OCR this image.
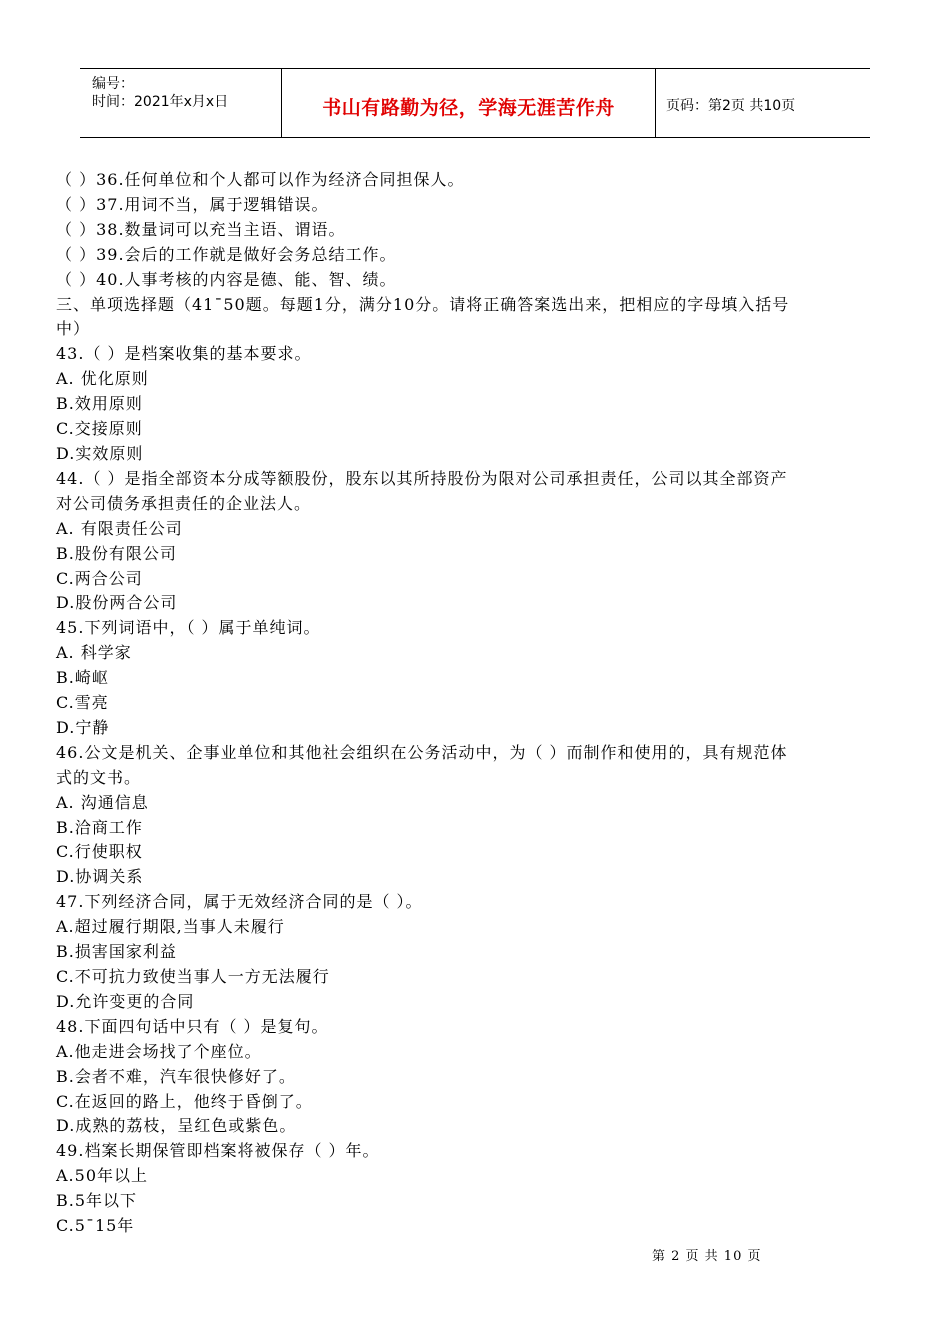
编号：
时间：2021年x月x日	书山有路勤为径，学海无涯苦作舟	页码：第2页 共10页
（ ）36.任何单位和个人都可以作为经济合同担保人。
（ ）37.用词不当，属于逻辑错误。
（ ）38.数量词可以充当主语、谓语。
（ ）39.会后的工作就是做好会务总结工作。
（ ）40.人事考核的内容是德、能、智、绩。
三、单项选择题（41¯50题。每题1分，满分10分。请将正确答案选出来，把相应的字母填入括号
中）
43.（ ）是档案收集的基本要求。
A. 优化原则
B.效用原则
C.交接原则
D.实效原则
44.（ ）是指全部资本分成等额股份，股东以其所持股份为限对公司承担责任，公司以其全部资产
对公司债务承担责任的企业法人。
A. 有限责任公司
B.股份有限公司
C.两合公司
D.股份两合公司
45.下列词语中，（ ）属于单纯词。
A. 科学家
B.崎岖
C.雪亮
D.宁静
46.公文是机关、企事业单位和其他社会组织在公务活动中，为（ ）而制作和使用的，具有规范体
式的文书。
A. 沟通信息
B.洽商工作
C.行使职权
D.协调关系
47.下列经济合同，属于无效经济合同的是（ ）。
A.超过履行期限,当事人未履行
B.损害国家利益
C.不可抗力致使当事人一方无法履行
D.允许变更的合同
48.下面四句话中只有（ ）是复句。
A.他走进会场找了个座位。
B.会者不难，汽车很快修好了。
C.在返回的路上，他终于昏倒了。
D.成熟的荔枝，呈红色或紫色。
49.档案长期保管即档案将被保存（ ）年。
A.50年以上
B.5年以下
C.5¯15年
第 2 页 共 10 页
